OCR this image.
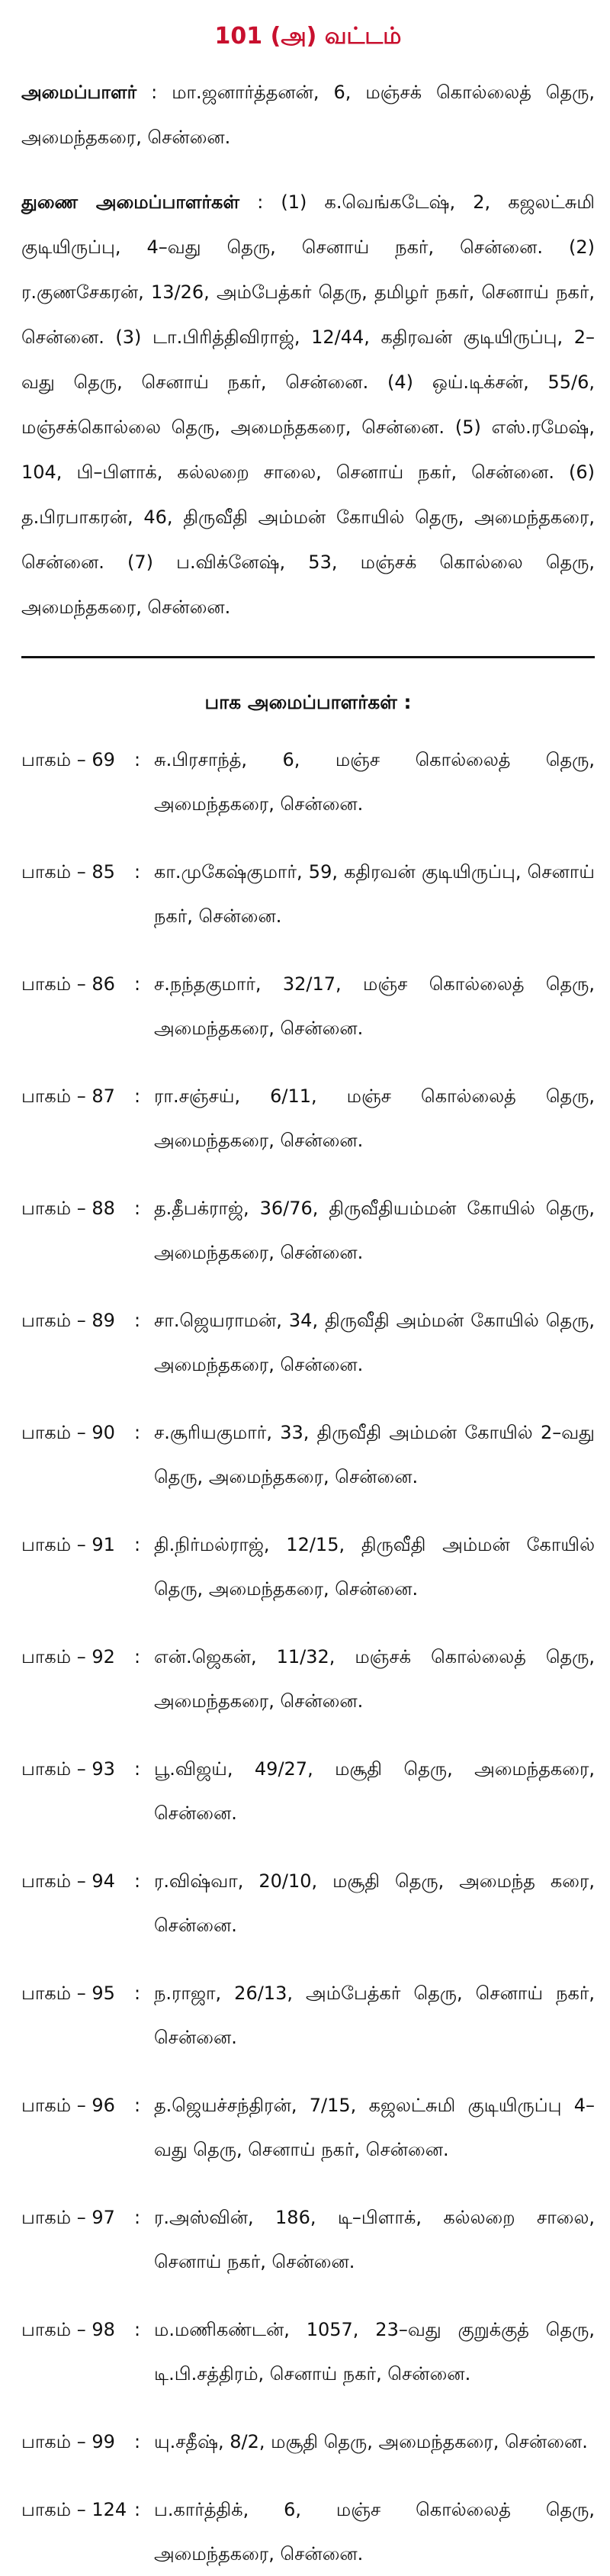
101 (அ) வட்டம்

அமைப்பாளர் : மா.ஜனார்த்தனன், 6, மஞ்சக் கொல்லைத் தெரு, அமைந்தகரை, சென்னை.

துணை அமைப்பாளர்கள் : (1) க.வெங்கடேஷ், 2, கஜலட்சுமி குடியிருப்பு, 4–வது தெரு, செனாய் நகர், சென்னை. (2) ர.குணசேகரன், 13/26, அம்பேத்கர் தெரு, தமிழர் நகர், செனாய் நகர், சென்னை. (3) டா.பிரித்திவிராஜ், 12/44, கதிரவன் குடியிருப்பு, 2–வது தெரு, செனாய் நகர், சென்னை. (4) ஒய்.டிக்சன், 55/6, மஞ்சக்கொல்லை தெரு, அமைந்தகரை, சென்னை. (5) எஸ்.ரமேஷ், 104, பி–பிளாக், கல்லறை சாலை, செனாய் நகர், சென்னை. (6) த.பிரபாகரன், 46, திருவீதி அம்மன் கோயில் தெரு, அமைந்தகரை, சென்னை. (7) ப.விக்னேஷ், 53, மஞ்சக் கொல்லை தெரு, அமைந்தகரை, சென்னை.

பாக அமைப்பாளர்கள் :
பாகம் – 69	: சு.பிரசாந்த், 6, மஞ்ச கொல்லைத் தெரு, அமைந்தகரை, சென்னை.
பாகம் – 85	: கா.முகேஷ்குமார், 59, கதிரவன் குடியிருப்பு, செனாய் நகர், சென்னை.
பாகம் – 86	: ச.நந்தகுமார், 32/17, மஞ்ச கொல்லைத் தெரு, அமைந்தகரை, சென்னை.
பாகம் – 87	: ரா.சஞ்சய், 6/11, மஞ்ச கொல்லைத் தெரு, அமைந்தகரை, சென்னை.
பாகம் – 88	: த.தீபக்ராஜ், 36/76, திருவீதியம்மன் கோயில் தெரு, அமைந்தகரை, சென்னை.
பாகம் – 89	: சா.ஜெயராமன், 34, திருவீதி அம்மன் கோயில் தெரு, அமைந்தகரை, சென்னை.
பாகம் – 90	: ச.சூரியகுமார், 33, திருவீதி அம்மன் கோயில் 2–வது தெரு, அமைந்தகரை, சென்னை.
பாகம் – 91	: தி.நிர்மல்ராஜ், 12/15, திருவீதி அம்மன் கோயில் தெரு, அமைந்தகரை, சென்னை.
பாகம் – 92	: என்.ஜெகன், 11/32, மஞ்சக் கொல்லைத் தெரு, அமைந்தகரை, சென்னை.
பாகம் – 93	: பூ.விஜய், 49/27, மசூதி தெரு, அமைந்தகரை, சென்னை.
பாகம் – 94	: ர.விஷ்வா, 20/10, மசூதி தெரு, அமைந்த கரை, சென்னை.
பாகம் – 95	: ந.ராஜா, 26/13, அம்பேத்கர் தெரு, செனாய் நகர், சென்னை.
பாகம் – 96	: த.ஜெயச்சந்திரன், 7/15, கஜலட்சுமி குடியிருப்பு 4–வது தெரு, செனாய் நகர், சென்னை.
பாகம் – 97	: ர.அஸ்வின், 186, டி–பிளாக், கல்லறை சாலை, செனாய் நகர், சென்னை.
பாகம் – 98	: ம.மணிகண்டன், 1057, 23–வது குறுக்குத் தெரு, டி.பி.சத்திரம், செனாய் நகர், சென்னை.
பாகம் – 99	: யு.சதீஷ், 8/2, மசூதி தெரு, அமைந்தகரை, சென்னை.
பாகம் – 124 : ப.கார்த்திக், 6, மஞ்ச கொல்லைத் தெரு, அமைந்தகரை, சென்னை.
